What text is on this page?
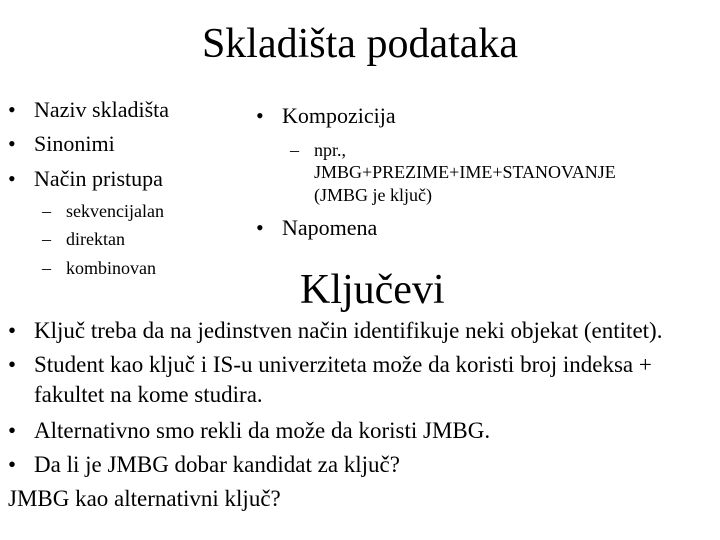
Skladišta podataka
• Naziv skladišta
• Sinonimi
• Način pristupa
– sekvencijalan
– direktan
– kombinovan
• Kompozicija
– npr.,
JMBG+PREZIME+IME+STANOVANJE
(JMBG je ključ)
• Napomena
Ključevi
• Ključ treba da na jedinstven način identifikuje neki objekat (entitet).
• Student kao ključ i IS-u univerziteta može da koristi broj indeksa +
fakultet na kome studira.
• Alternativno smo rekli da može da koristi JMBG.
• Da li je JMBG dobar kandidat za ključ?
JMBG kao alternativni ključ?
